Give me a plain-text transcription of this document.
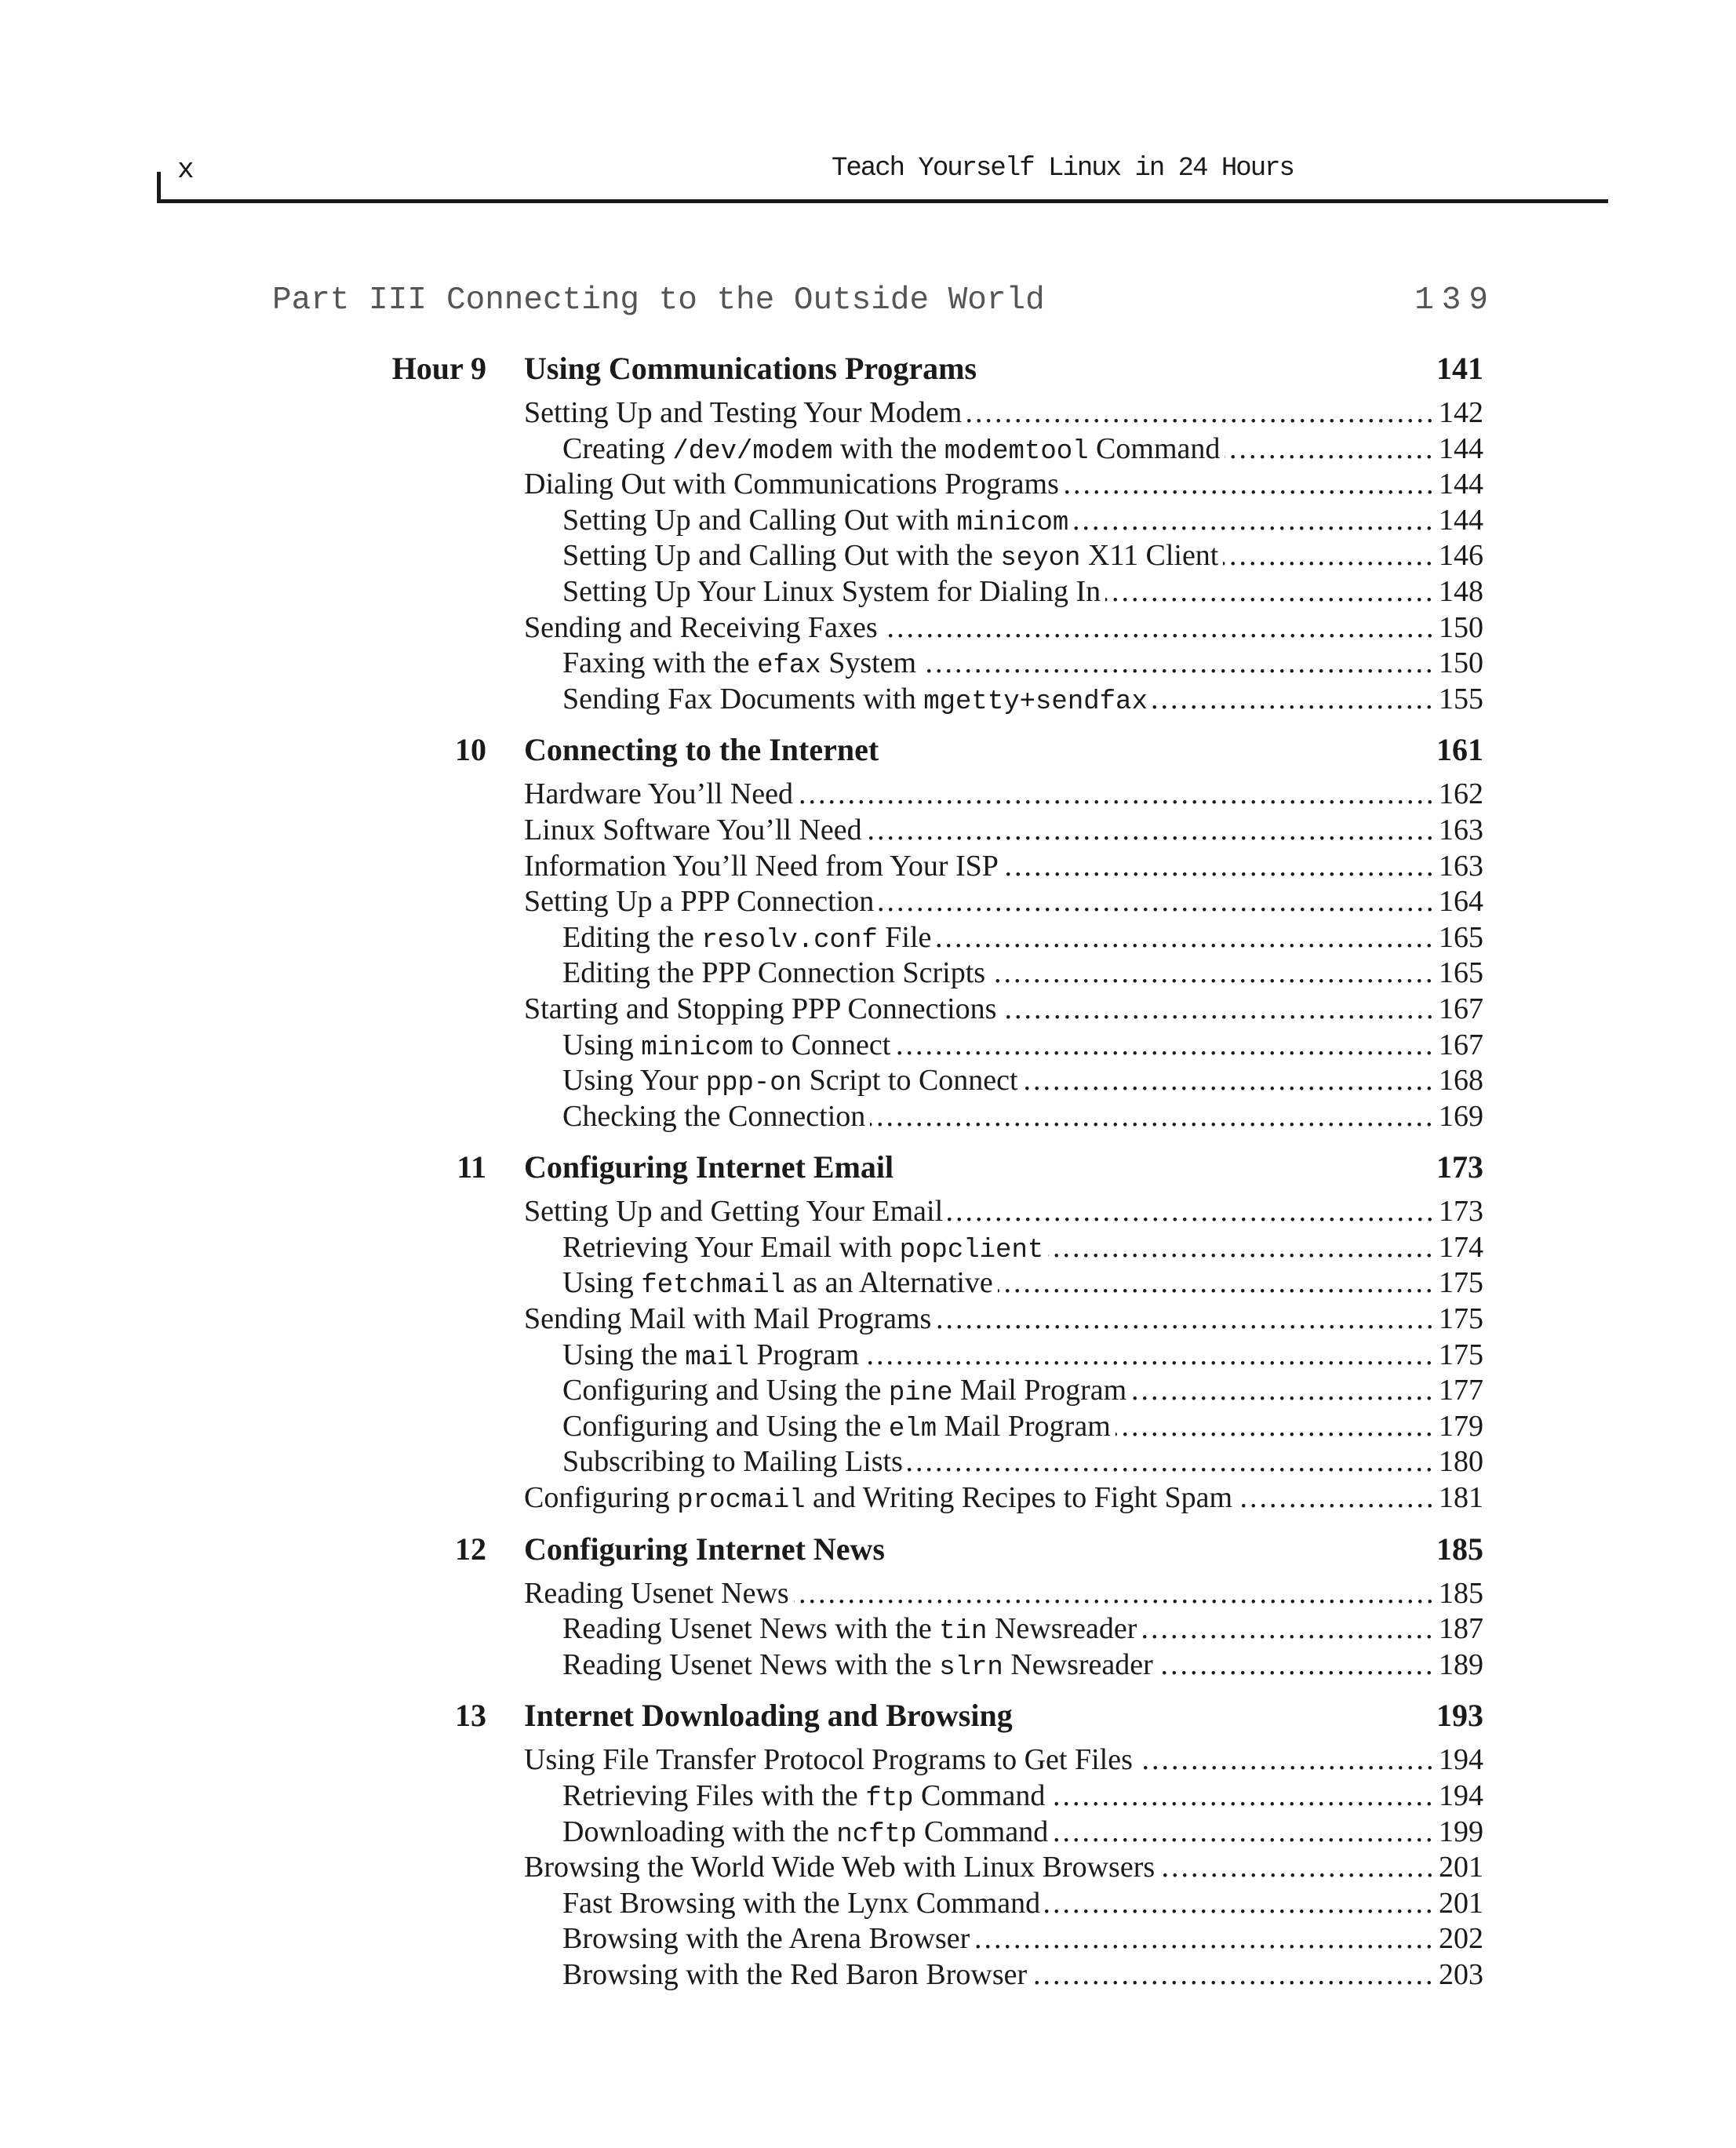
x	Teach Yourself Linux in 24 Hours
Part III Connecting to the Outside World	139
Hour 9 Using Communications Programs	141
.....
Setting Up and Testing Your Modem	142
.....
Creating /dev/modem with the modemtool Command	144
.....
Dialing Out with Communications Programs	144
.....
Setting Up and Calling Out with minicom	144
.....
Setting Up and Calling Out with the seyon X11 Client	146
.....
Setting Up Your Linux System for Dialing In	148
.....
Sending and Receiving Faxes	150
.....
Faxing with the efax System	150
.....
Sending Fax Documents with mgetty+sendfax	155
10 Connecting to the Internet	161
.....
Hardware You’ll Need	162
.....
Linux Software You’ll Need	163
.....
Information You’ll Need from Your ISP	163
.....
Setting Up a PPP Connection	164
.....
Editing the resolv.conf File	165
.....
Editing the PPP Connection Scripts	165
.....
Starting and Stopping PPP Connections	167
.....
Using minicom to Connect	167
.....
Using Your ppp-on Script to Connect	168
.....
Checking the Connection	169
11 Configuring Internet Email	173
.....
Setting Up and Getting Your Email	173
.....
Retrieving Your Email with popclient	174
.....
Using fetchmail as an Alternative	175
.....
Sending Mail with Mail Programs	175
.....
Using the mail Program	175
.....
Configuring and Using the pine Mail Program	177
.....
Configuring and Using the elm Mail Program	179
.....
Subscribing to Mailing Lists	180
.....
Configuring procmail and Writing Recipes to Fight Spam	181
12 Configuring Internet News	185
.....
Reading Usenet News	185
.....
Reading Usenet News with the tin Newsreader	187
.....
Reading Usenet News with the slrn Newsreader	189
13 Internet Downloading and Browsing	193
.....
Using File Transfer Protocol Programs to Get Files	194
.....
Retrieving Files with the ftp Command	194
.....
Downloading with the ncftp Command	199
.....
Browsing the World Wide Web with Linux Browsers	201
.....
Fast Browsing with the Lynx Command	201
.....
Browsing with the Arena Browser	202
.....
Browsing with the Red Baron Browser	203
